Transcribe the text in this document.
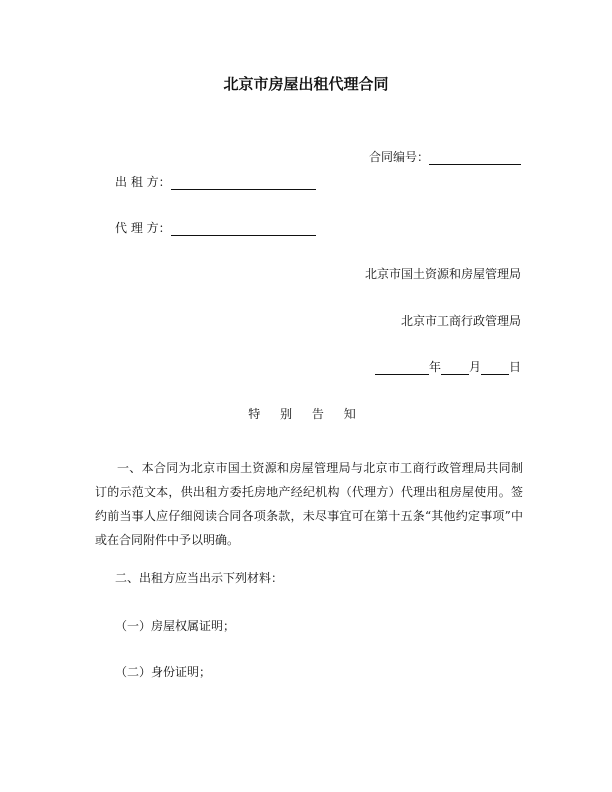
北京市房屋出租代理合同
合同编号：
出 租 方：
代 理 方：
北京市国土资源和房屋管理局
北京市工商行政管理局
年 月 日
特 别 告 知
一、本合同为北京市国土资源和房屋管理局与北京市工商行政管理局共同制订的示范文本，供出租方委托房地产经纪机构（代理方）代理出租房屋使用。签约前当事人应仔细阅读合同各项条款，未尽事宜可在第十五条“其他约定事项”中或在合同附件中予以明确。
二、出租方应当出示下列材料：
（一）房屋权属证明；
（二）身份证明；
